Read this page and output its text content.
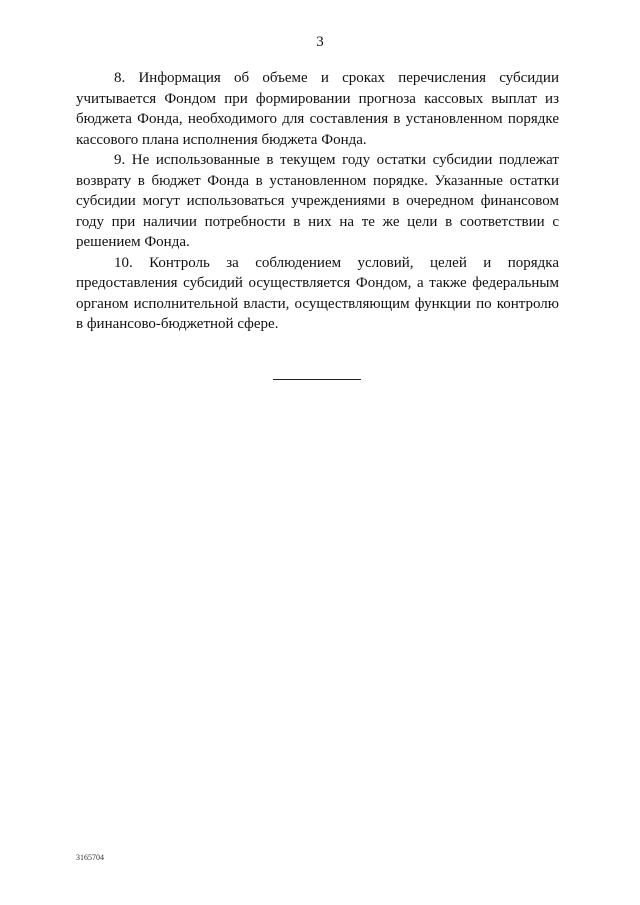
3

8. Информация об объеме и сроках перечисления субсидии учитывается Фондом при формировании прогноза кассовых выплат из бюджета Фонда, необходимого для составления в установленном порядке кассового плана исполнения бюджета Фонда.

9. Не использованные в текущем году остатки субсидии подлежат возврату в бюджет Фонда в установленном порядке. Указанные остатки субсидии могут использоваться учреждениями в очередном финансовом году при наличии потребности в них на те же цели в соответствии с решением Фонда.

10. Контроль за соблюдением условий, целей и порядка предоставления субсидий осуществляется Фондом, а также федеральным органом исполнительной власти, осуществляющим функции по контролю в финансово-бюджетной сфере.

3165704
